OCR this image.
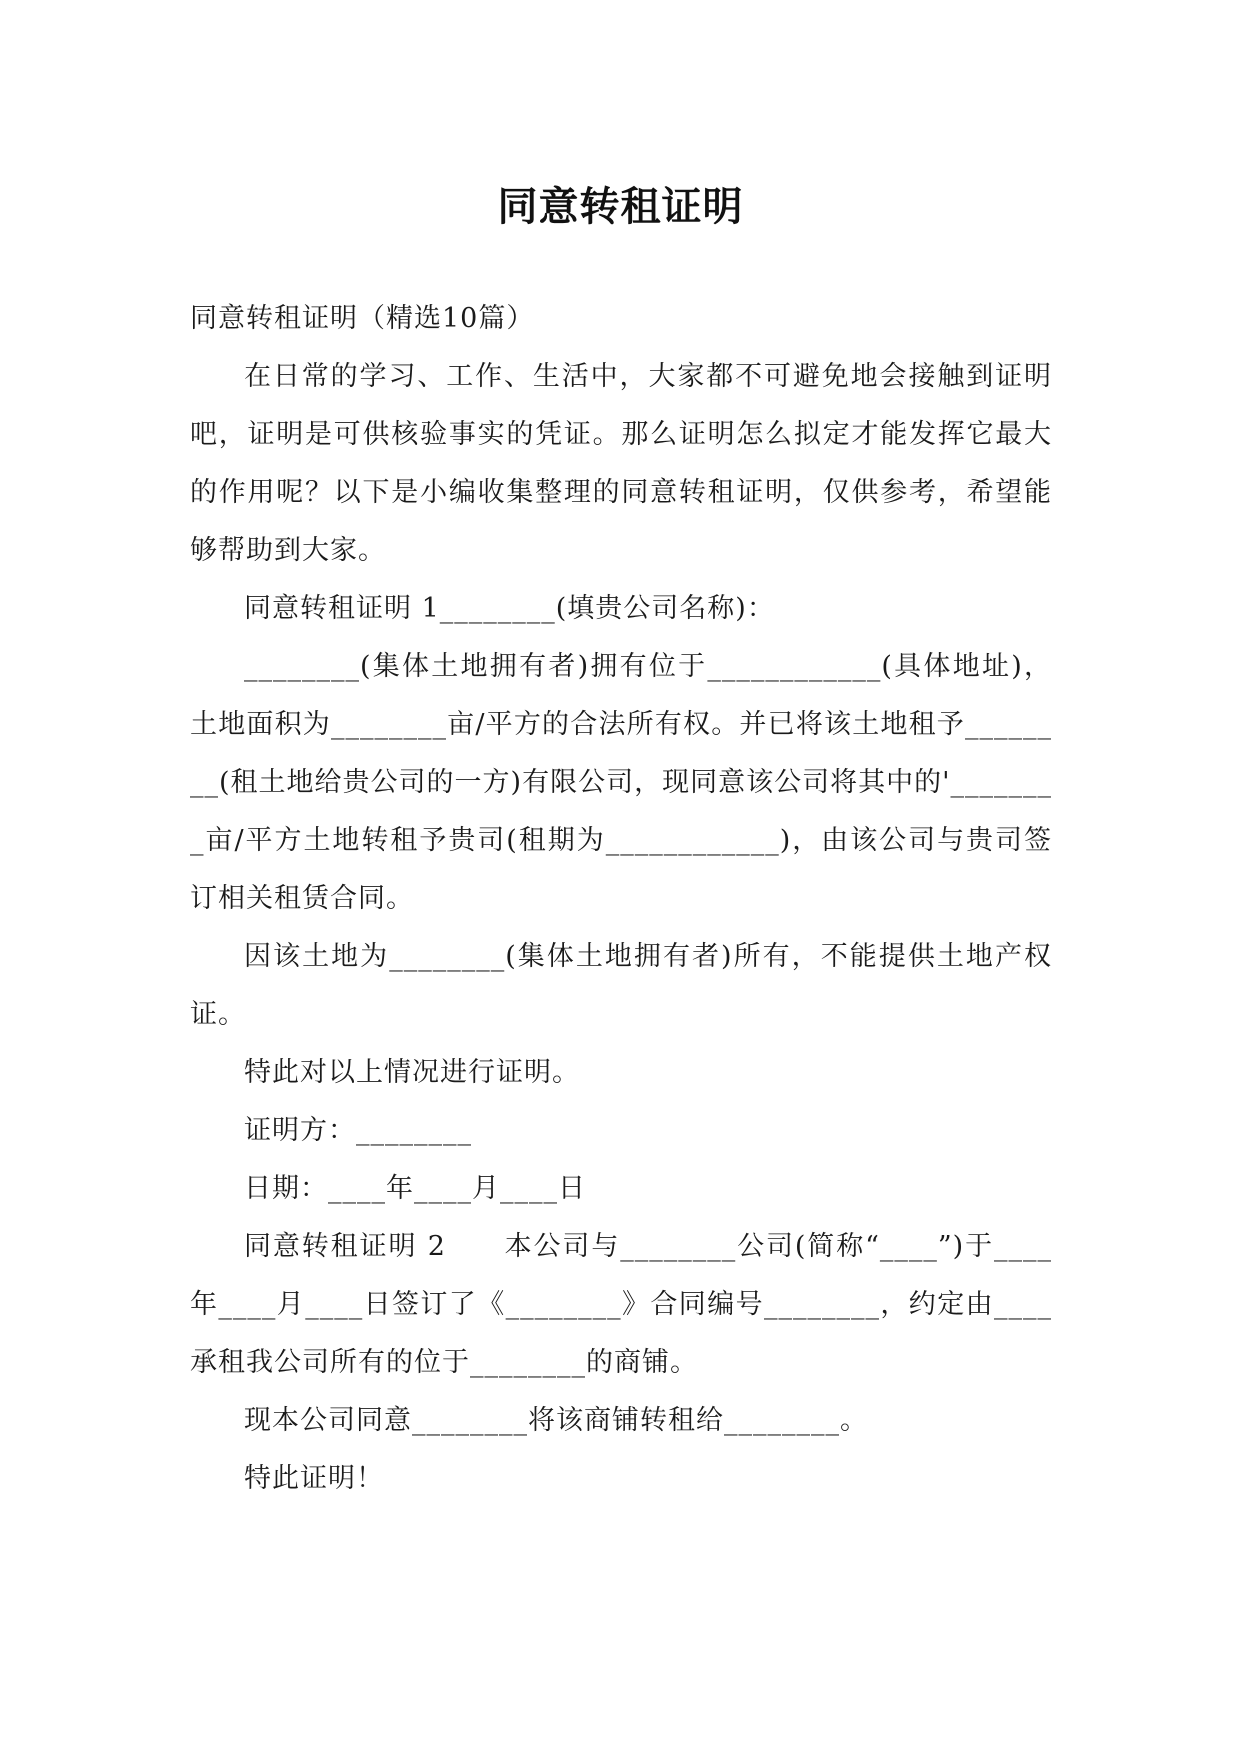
同意转租证明

同意转租证明（精选10篇）

在日常的学习、工作、生活中，大家都不可避免地会接触到证明吧，证明是可供核验事实的凭证。那么证明怎么拟定才能发挥它最大的作用呢？以下是小编收集整理的同意转租证明，仅供参考，希望能够帮助到大家。

同意转租证明 1________(填贵公司名称)：

________(集体土地拥有者)拥有位于____________(具体地址)，土地面积为________亩/平方的合法所有权。并已将该土地租予________(租土地给贵公司的一方)有限公司，现同意该公司将其中的'________亩/平方土地转租予贵司(租期为____________)，由该公司与贵司签订相关租赁合同。

因该土地为________(集体土地拥有者)所有，不能提供土地产权证。

特此对以上情况进行证明。

证明方：________

日期：____年____月____日

同意转租证明 2　　本公司与________公司(简称“____”)于____年____月____日签订了《________》合同编号________，约定由____承租我公司所有的位于________的商铺。

现本公司同意________将该商铺转租给________。

特此证明！
